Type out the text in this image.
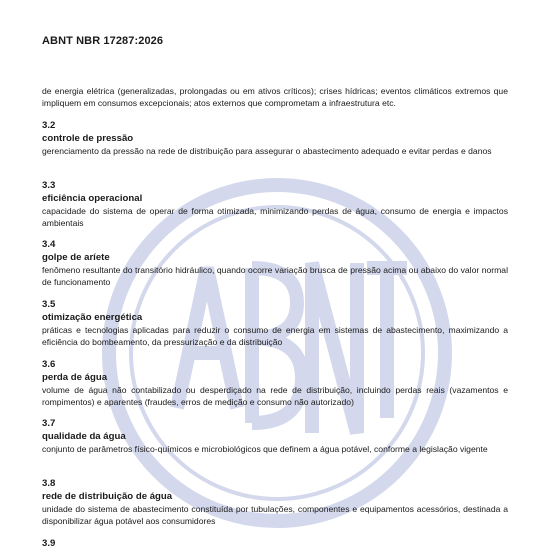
ABNT NBR 17287:2026
de energia elétrica (generalizadas, prolongadas ou em ativos críticos); crises hídricas; eventos climáticos extremos que impliquem em consumos excepcionais; atos externos que comprometam a infraestrutura etc.
3.2
controle de pressão
gerenciamento da pressão na rede de distribuição para assegurar o abastecimento adequado e evitar perdas e danos
3.3
eficiência operacional
capacidade do sistema de operar de forma otimizada, minimizando perdas de água, consumo de energia e impactos ambientais
3.4
golpe de aríete
fenômeno resultante do transitório hidráulico, quando ocorre variação brusca de pressão acima ou abaixo do valor normal de funcionamento
3.5
otimização energética
práticas e tecnologias aplicadas para reduzir o consumo de energia em sistemas de abastecimento, maximizando a eficiência do bombeamento, da pressurização e da distribuição
3.6
perda de água
volume de água não contabilizado ou desperdiçado na rede de distribuição, incluindo perdas reais (vazamentos e rompimentos) e aparentes (fraudes, erros de medição e consumo não autorizado)
3.7
qualidade da água
conjunto de parâmetros físico-químicos e microbiológicos que definem a água potável, conforme a legislação vigente
3.8
rede de distribuição de água
unidade do sistema de abastecimento constituída por tubulações, componentes e equipamentos acessórios, destinada a disponibilizar água potável aos consumidores
3.9
